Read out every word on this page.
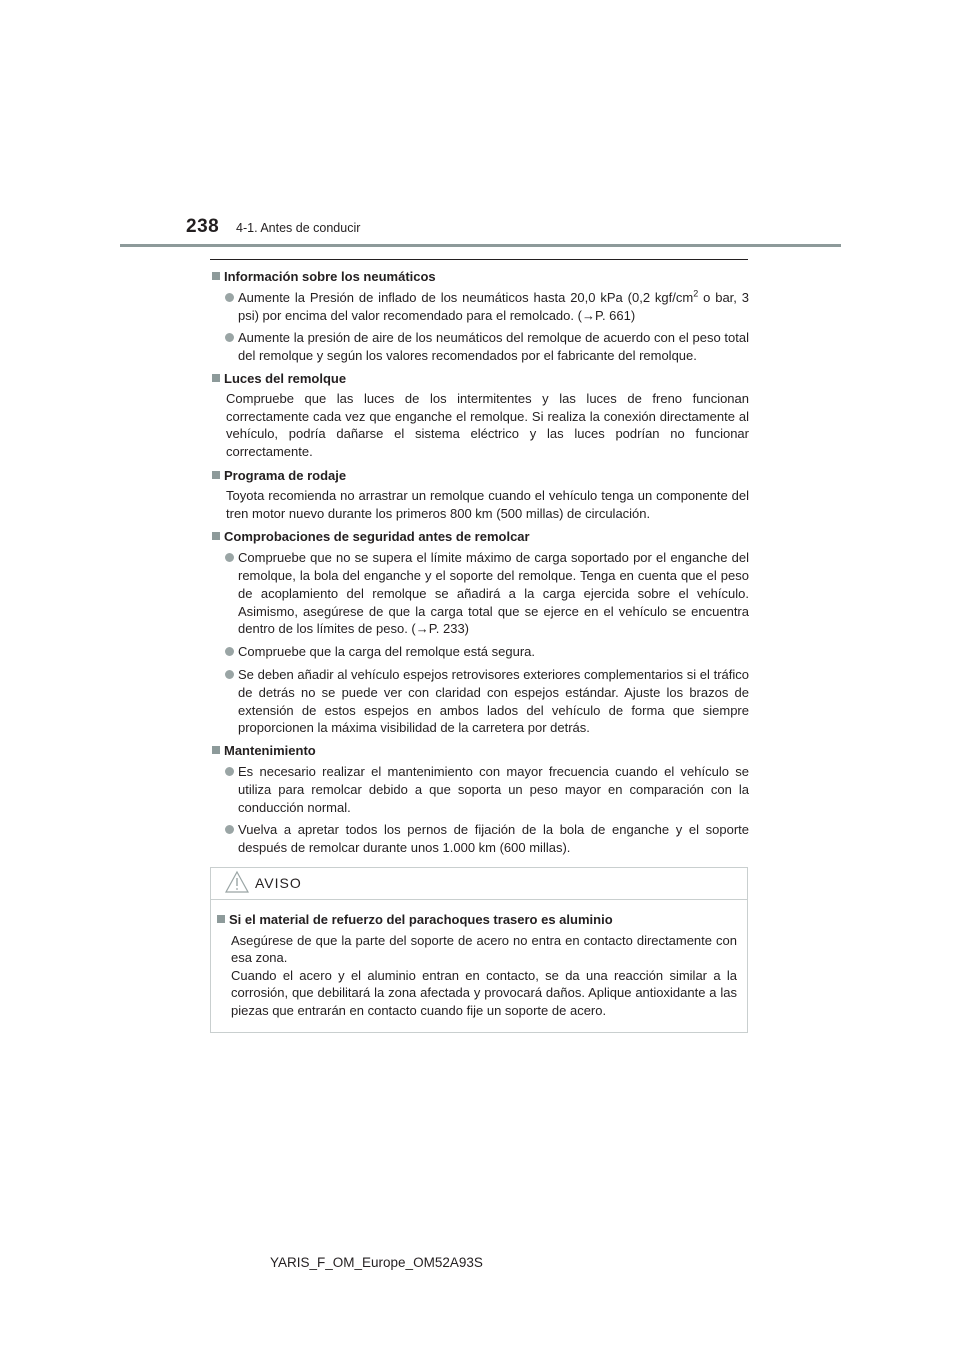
238 4-1. Antes de conducir
Información sobre los neumáticos
Aumente la Presión de inflado de los neumáticos hasta 20,0 kPa (0,2 kgf/$cm^2$ o bar, 3 psi) por encima del valor recomendado para el remolcado. (→P. 661)
Aumente la presión de aire de los neumáticos del remolque de acuerdo con el peso total del remolque y según los valores recomendados por el fabricante del remolque.
Luces del remolque
Compruebe que las luces de los intermitentes y las luces de freno funcionan correctamente cada vez que enganche el remolque. Si realiza la conexión directamente al vehículo, podría dañarse el sistema eléctrico y las luces podrían no funcionar correctamente.
Programa de rodaje
Toyota recomienda no arrastrar un remolque cuando el vehículo tenga un componente del tren motor nuevo durante los primeros 800 km (500 millas) de circulación.
Comprobaciones de seguridad antes de remolcar
Compruebe que no se supera el límite máximo de carga soportado por el enganche del remolque, la bola del enganche y el soporte del remolque. Tenga en cuenta que el peso de acoplamiento del remolque se añadirá a la carga ejercida sobre el vehículo. Asimismo, asegúrese de que la carga total que se ejerce en el vehículo se encuentra dentro de los límites de peso. (→P. 233)
Compruebe que la carga del remolque está segura.
Se deben añadir al vehículo espejos retrovisores exteriores complementarios si el tráfico de detrás no se puede ver con claridad con espejos estándar. Ajuste los brazos de extensión de estos espejos en ambos lados del vehículo de forma que siempre proporcionen la máxima visibilidad de la carretera por detrás.
Mantenimiento
Es necesario realizar el mantenimiento con mayor frecuencia cuando el vehículo se utiliza para remolcar debido a que soporta un peso mayor en comparación con la conducción normal.
Vuelva a apretar todos los pernos de fijación de la bola de enganche y el soporte después de remolcar durante unos 1.000 km (600 millas).
AVISO
Si el material de refuerzo del parachoques trasero es aluminio
Asegúrese de que la parte del soporte de acero no entra en contacto directamente con esa zona.
Cuando el acero y el aluminio entran en contacto, se da una reacción similar a la corrosión, que debilitará la zona afectada y provocará daños. Aplique antioxidante a las piezas que entrarán en contacto cuando fije un soporte de acero.
YARIS_F_OM_Europe_OM52A93S
